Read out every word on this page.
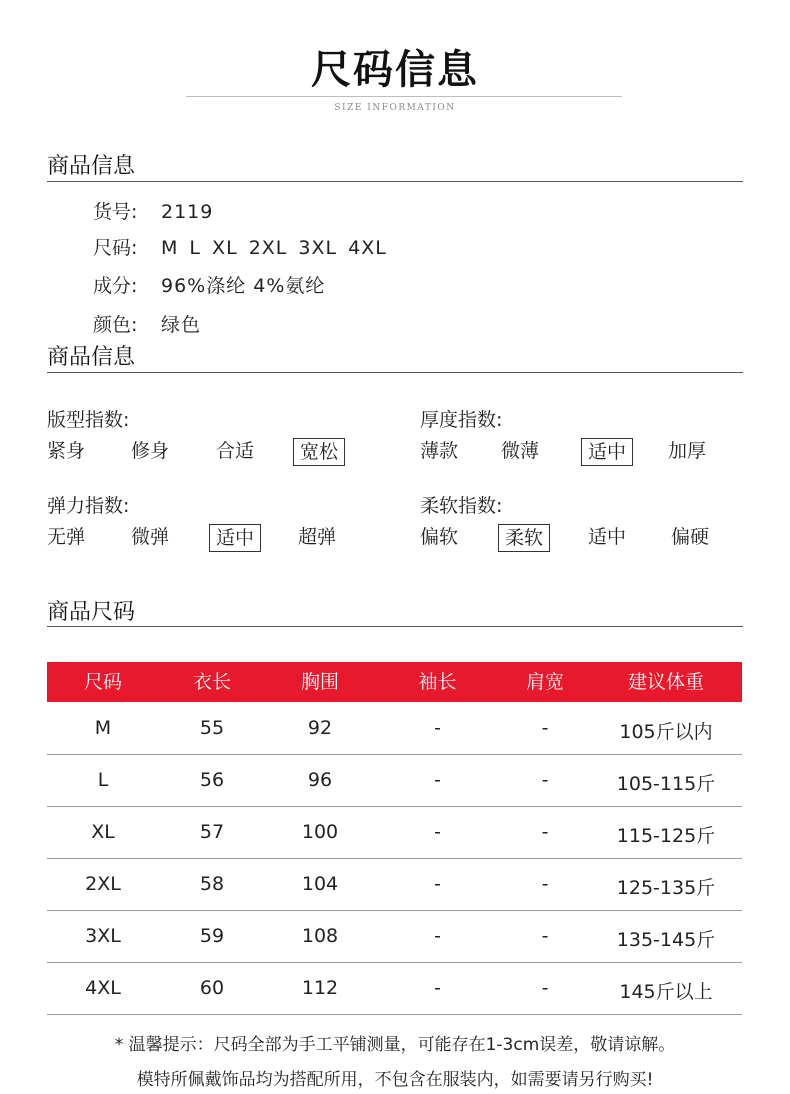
尺码信息
SIZE INFORMATION
商品信息
货号: 2119
尺码: M L XL 2XL 3XL 4XL
成分: 96%涤纶 4%氨纶
颜色: 绿色
商品信息
版型指数:
紧身 修身 合适	宽松
厚度指数:
薄款 微薄	适中	加厚
弹力指数:
无弹 微弹	适中	超弹
柔软指数:
偏软	柔软	适中 偏硬
商品尺码
尺码	衣长	胸围	袖长	肩宽	建议体重
M	55	92	-	-	105斤以内
L	56	96	-	-	105-115斤
XL	57	100	-	-	115-125斤
2XL	58	104	-	-	125-135斤
3XL	59	108	-	-	135-145斤
4XL	60	112	-	-	145斤以上
* 温馨提示：尺码全部为手工平铺测量，可能存在1-3cm误差，敬请谅解。
模特所佩戴饰品均为搭配所用，不包含在服装内，如需要请另行购买!
